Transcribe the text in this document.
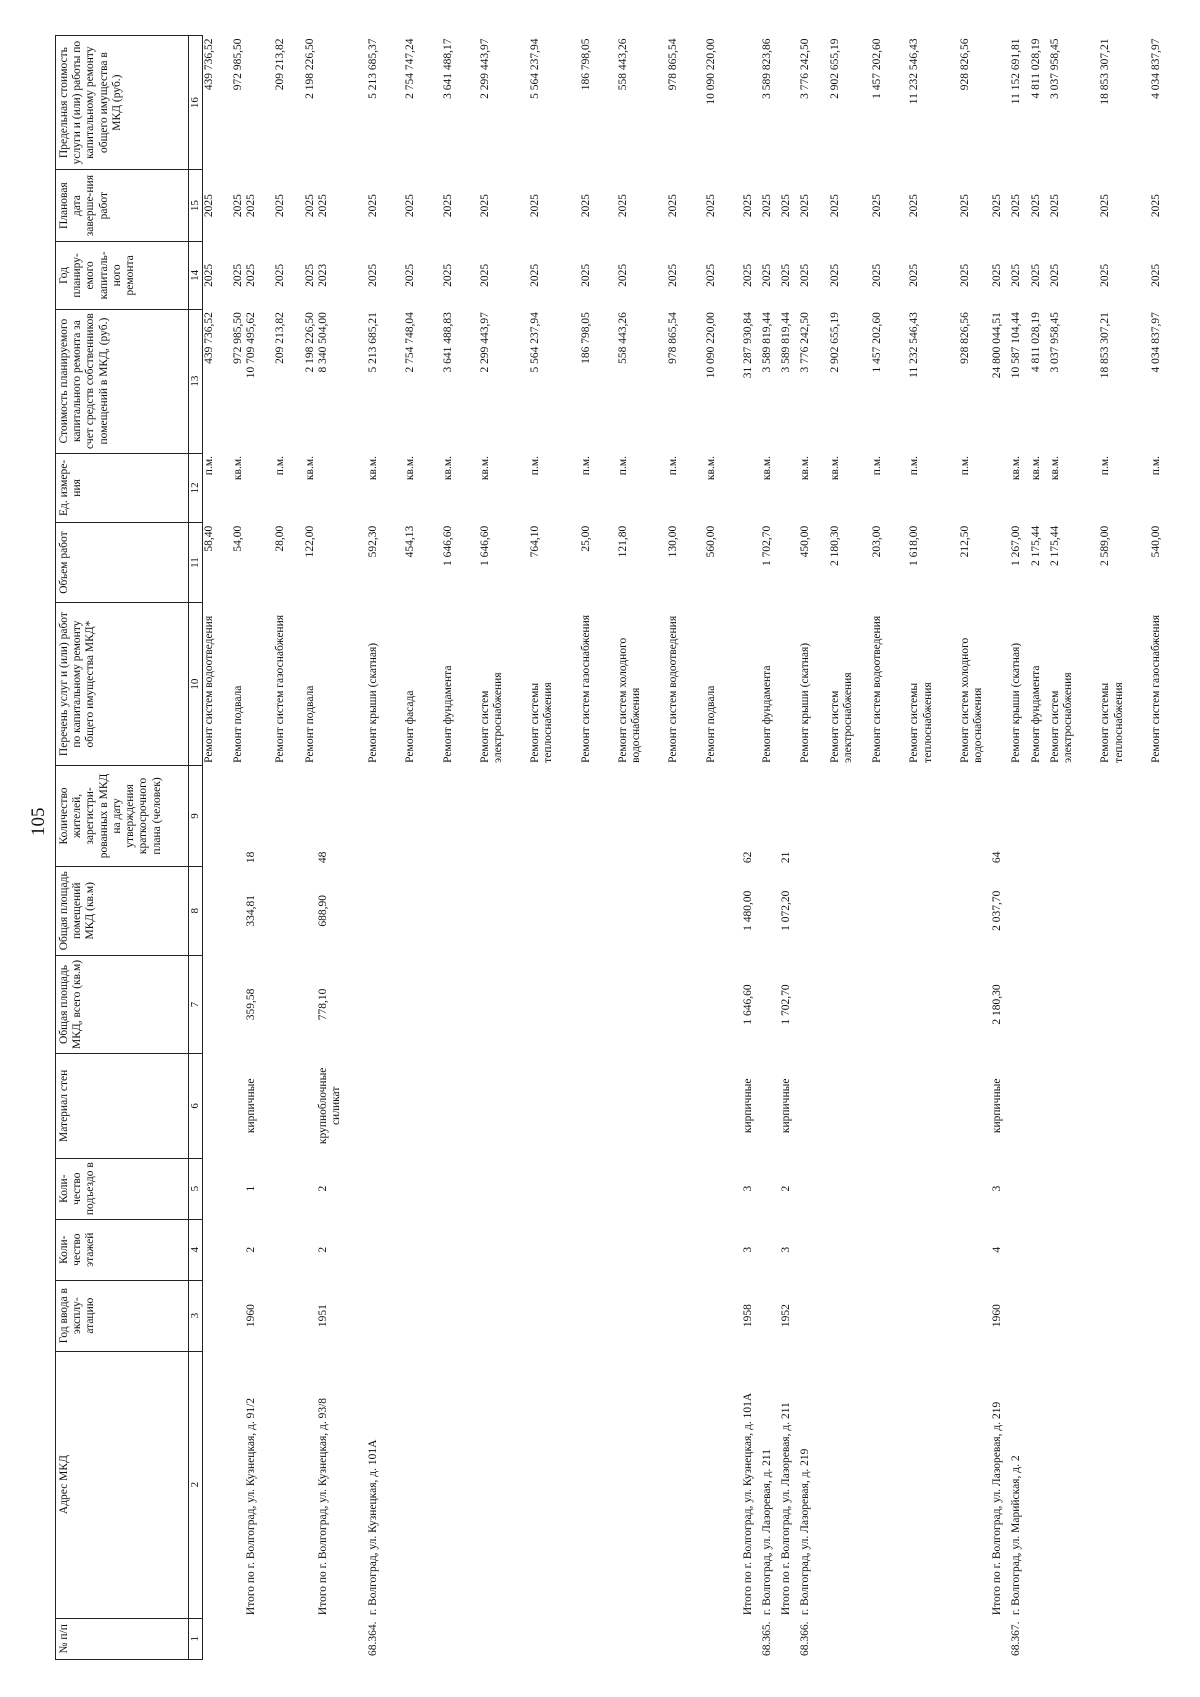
105
№ п/п	Адрес МКД	Год ввода в эксплу-атацию	Коли-чество этажей	Коли-чество подъездо в	Материал стен	Общая площадь МКД, всего (кв.м)	Общая площадь помещений МКД (кв.м)	Количество жителей, зарегистри-рованных в МКД на дату утверждения краткосрочного плана (человек)	Перечень услуг и (или) работ по капитальному ремонту общего имущества МКД*	Объем работ	Ед. измере-ния	Стоимость планируемого капитального ремонта за счет средств собственников помещений в МКД, (руб.)	Год планиру-емого капиталь-ного ремонта	Плановая дата заверше-ния работ	Предельная стоимость услуги и (или) работы по капитальному ремонту общего имущества в МКД (руб.)
1	2	3	4	5	6	7	8	9	10	11	12	13	14	15	16
									Ремонт систем водоотведения	58,40	п.м.	439 736,52	2025	2025	439 736,52

									Ремонт подвала	54,00	кв.м.	972 985,50	2025	2025	972 985,50
	Итого по г. Волгоград, ул. Кузнецкая, д. 91/2	1960	2	1	кирпичные	359,58	334,81	18				10 709 495,62	2025	2025	

									Ремонт систем газоснабжения	28,00	п.м.	209 213,82	2025	2025	209 213,82

									Ремонт подвала	122,00	кв.м.	2 198 226,50	2025	2025	2 198 226,50
	Итого по г. Волгоград, ул. Кузнецкая, д. 93/8	1951	2	2	крупноблочные силикат	778,10	688,90	48				8 340 504,00	2023	2025	

68.364.	г. Волгоград, ул. Кузнецкая, д. 101А								Ремонт крыши (скатная)	592,30	кв.м.	5 213 685,21	2025	2025	5 213 685,37

									Ремонт фасада	454,13	кв.м.	2 754 748,04	2025	2025	2 754 747,24

									Ремонт фундамента	1 646,60	кв.м.	3 641 488,83	2025	2025	3 641 488,17

									Ремонт систем электроснабжения	1 646,60	кв.м.	2 299 443,97	2025	2025	2 299 443,97

									Ремонт системы теплоснабжения	764,10	п.м.	5 564 237,94	2025	2025	5 564 237,94

									Ремонт систем газоснабжения	25,00	п.м.	186 798,05	2025	2025	186 798,05

									Ремонт систем холодного водоснабжения	121,80	п.м.	558 443,26	2025	2025	558 443,26

									Ремонт систем водоотведения	130,00	п.м.	978 865,54	2025	2025	978 865,54

									Ремонт подвала	560,00	кв.м.	10 090 220,00	2025	2025	10 090 220,00

	Итого по г. Волгоград, ул. Кузнецкая, д. 101А	1958	3	3	кирпичные	1 646,60	1 480,00	62				31 287 930,84	2025	2025	

68.365.	г. Волгоград, ул. Лазоревая, д. 211								Ремонт фундамента	1 702,70	кв.м.	3 589 819,44	2025	2025	3 589 823,86

	Итого по г. Волгоград, ул. Лазоревая, д. 211	1952	3	2	кирпичные	1 702,70	1 072,20	21				3 589 819,44	2025	2025	

68.366.	г. Волгоград, ул. Лазоревая, д. 219								Ремонт крыши (скатная)	450,00	кв.м.	3 776 242,50	2025	2025	3 776 242,50

									Ремонт систем электроснабжения	2 180,30	кв.м.	2 902 655,19	2025	2025	2 902 655,19

									Ремонт систем водоотведения	203,00	п.м.	1 457 202,60	2025	2025	1 457 202,60

									Ремонт системы теплоснабжения	1 618,00	п.м.	11 232 546,43	2025	2025	11 232 546,43

									Ремонт систем холодного водоснабжения	212,50	п.м.	928 826,56	2025	2025	928 826,56

	Итого по г. Волгоград, ул. Лазоревая, д. 219	1960	4	3	кирпичные	2 180,30	2 037,70	64				24 800 044,51	2025	2025	

68.367.	г. Волгоград, ул. Марийская, д. 2								Ремонт крыши (скатная)	1 267,00	кв.м.	10 587 104,44	2025	2025	11 152 691,81

									Ремонт фундамента	2 175,44	кв.м.	4 811 028,19	2025	2025	4 811 028,19

									Ремонт систем электроснабжения	2 175,44	кв.м.	3 037 958,45	2025	2025	3 037 958,45

									Ремонт системы теплоснабжения	2 589,00	п.м.	18 853 307,21	2025	2025	18 853 307,21

									Ремонт систем газоснабжения	540,00	п.м.	4 034 837,97	2025	2025	4 034 837,97
